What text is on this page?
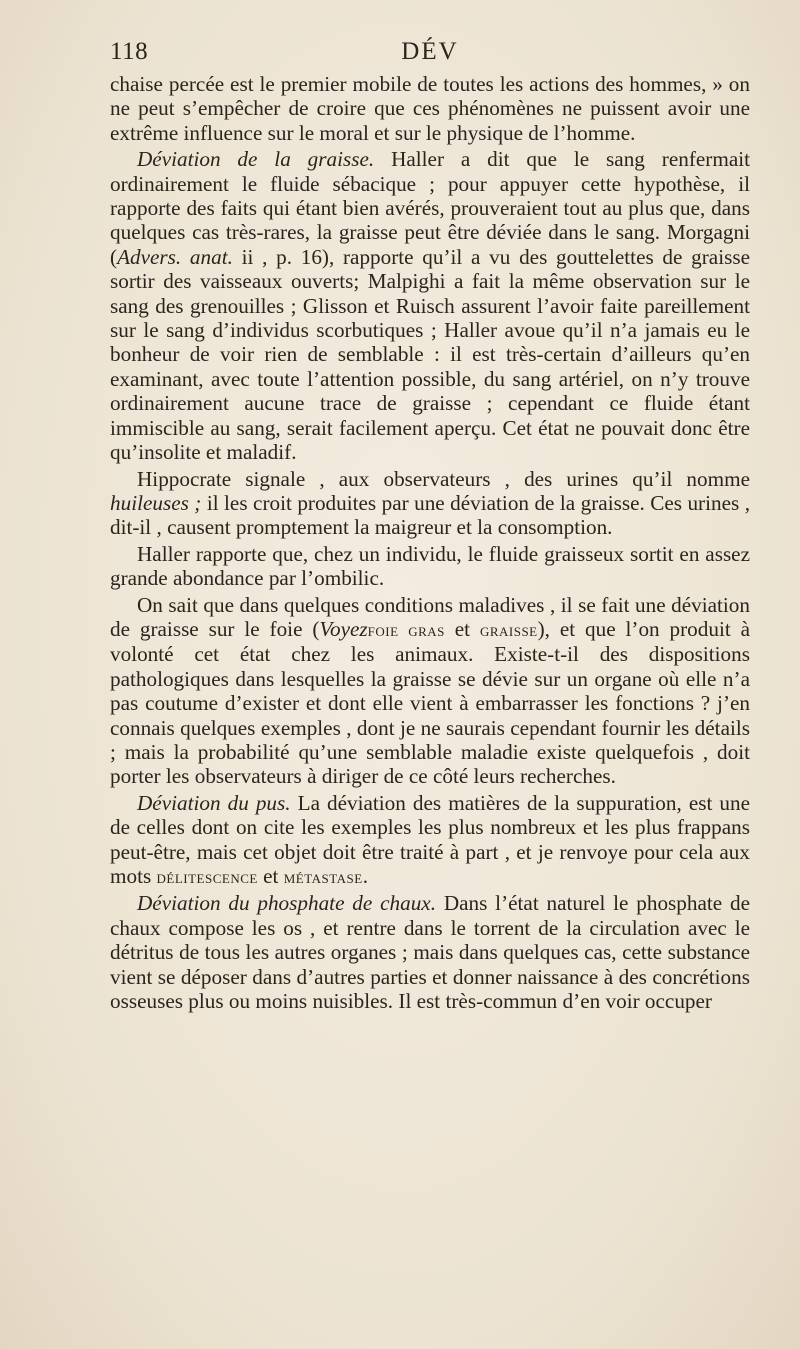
118	DÉV

chaise percée est le premier mobile de toutes les actions des hommes, » on ne peut s’empêcher de croire que ces phénomènes ne puissent avoir une extrême influence sur le moral et sur le physique de l’homme.

Déviation de la graisse. Haller a dit que le sang renfermait ordinairement le fluide sébacique ; pour appuyer cette hypothèse, il rapporte des faits qui étant bien avérés, prouveraient tout au plus que, dans quelques cas très-rares, la graisse peut être déviée dans le sang. Morgagni (Advers. anat. ii , p. 16), rapporte qu’il a vu des gouttelettes de graisse sortir des vaisseaux ouverts; Malpighi a fait la même observation sur le sang des grenouilles ; Glisson et Ruisch assurent l’avoir faite pareillement sur le sang d’individus scorbutiques ; Haller avoue qu’il n’a jamais eu le bonheur de voir rien de semblable : il est très-certain d’ailleurs qu’en examinant, avec toute l’attention possible, du sang artériel, on n’y trouve ordinairement aucune trace de graisse ; cependant ce fluide étant immiscible au sang, serait facilement aperçu. Cet état ne pouvait donc être qu’insolite et maladif.

Hippocrate signale , aux observateurs , des urines qu’il nomme huileuses ; il les croit produites par une déviation de la graisse. Ces urines , dit-il , causent promptement la maigreur et la consomption.

Haller rapporte que, chez un individu, le fluide graisseux sortit en assez grande abondance par l’ombilic.

On sait que dans quelques conditions maladives , il se fait une déviation de graisse sur le foie (Voyezfoie gras et graisse), et que l’on produit à volonté cet état chez les animaux. Existe-t-il des dispositions pathologiques dans lesquelles la graisse se dévie sur un organe où elle n’a pas coutume d’exister et dont elle vient à embarrasser les fonctions ? j’en connais quelques exemples , dont je ne saurais cependant fournir les détails ; mais la probabilité qu’une semblable maladie existe quelquefois , doit porter les observateurs à diriger de ce côté leurs recherches.

Déviation du pus. La déviation des matières de la suppuration, est une de celles dont on cite les exemples les plus nombreux et les plus frappans peut-être, mais cet objet doit être traité à part , et je renvoye pour cela aux mots délitescence et métastase.

Déviation du phosphate de chaux. Dans l’état naturel le phosphate de chaux compose les os , et rentre dans le torrent de la circulation avec le détritus de tous les autres organes ; mais dans quelques cas, cette substance vient se déposer dans d’autres parties et donner naissance à des concrétions osseuses plus ou moins nuisibles. Il est très-commun d’en voir occuper
